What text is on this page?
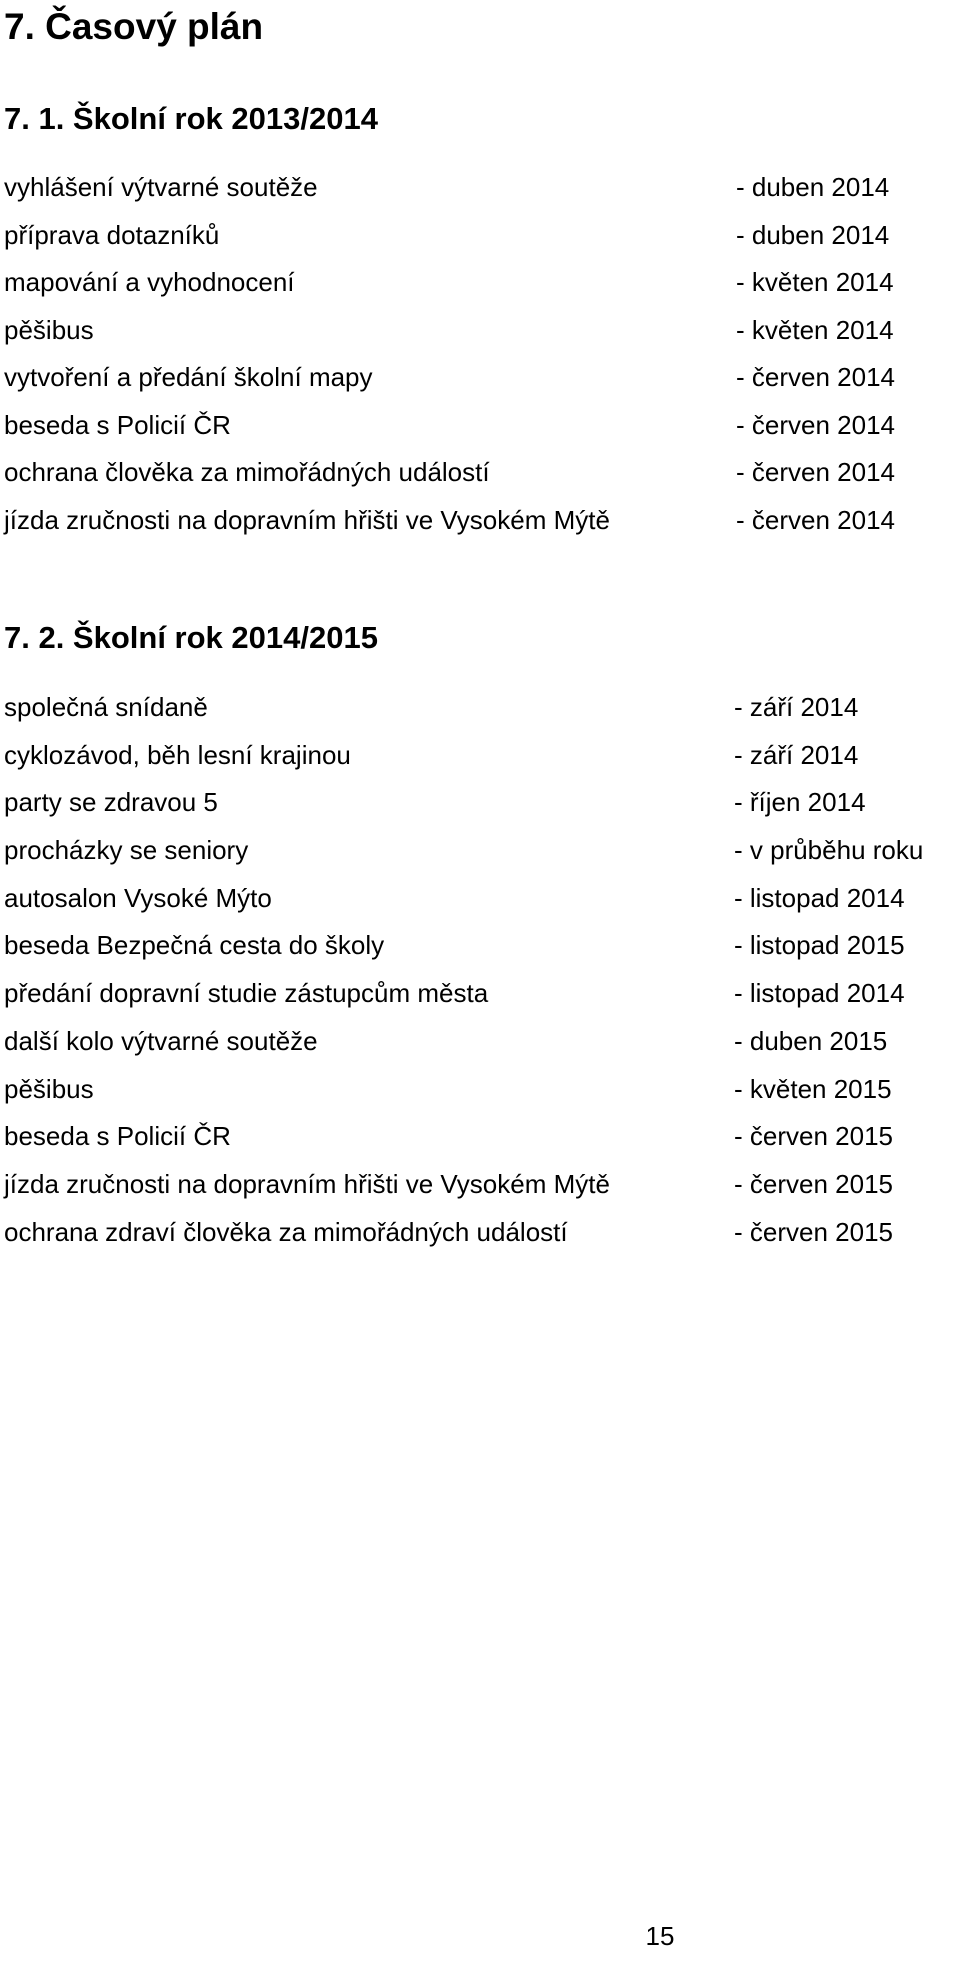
7. Časový plán
7. 1. Školní rok 2013/2014
vyhlášení výtvarné soutěže	- duben 2014
příprava dotazníků	- duben 2014
mapování a vyhodnocení	- květen 2014
pěšibus	- květen 2014
vytvoření a předání školní mapy	- červen 2014
beseda s Policií ČR	- červen 2014
ochrana člověka za mimořádných událostí	- červen 2014
jízda zručnosti na dopravním hřišti ve Vysokém Mýtě	- červen 2014
7. 2. Školní rok 2014/2015
společná snídaně	- září 2014
cyklozávod, běh lesní krajinou	- září 2014
party se zdravou 5	- říjen 2014
procházky se seniory	- v průběhu roku
autosalon Vysoké Mýto	- listopad 2014
beseda Bezpečná cesta do školy	- listopad 2015
předání dopravní studie zástupcům města	- listopad 2014
další kolo výtvarné soutěže	- duben 2015
pěšibus	- květen 2015
beseda s Policií ČR	- červen 2015
jízda zručnosti na dopravním hřišti ve Vysokém Mýtě	- červen 2015
ochrana zdraví člověka za mimořádných událostí	- červen 2015
15
